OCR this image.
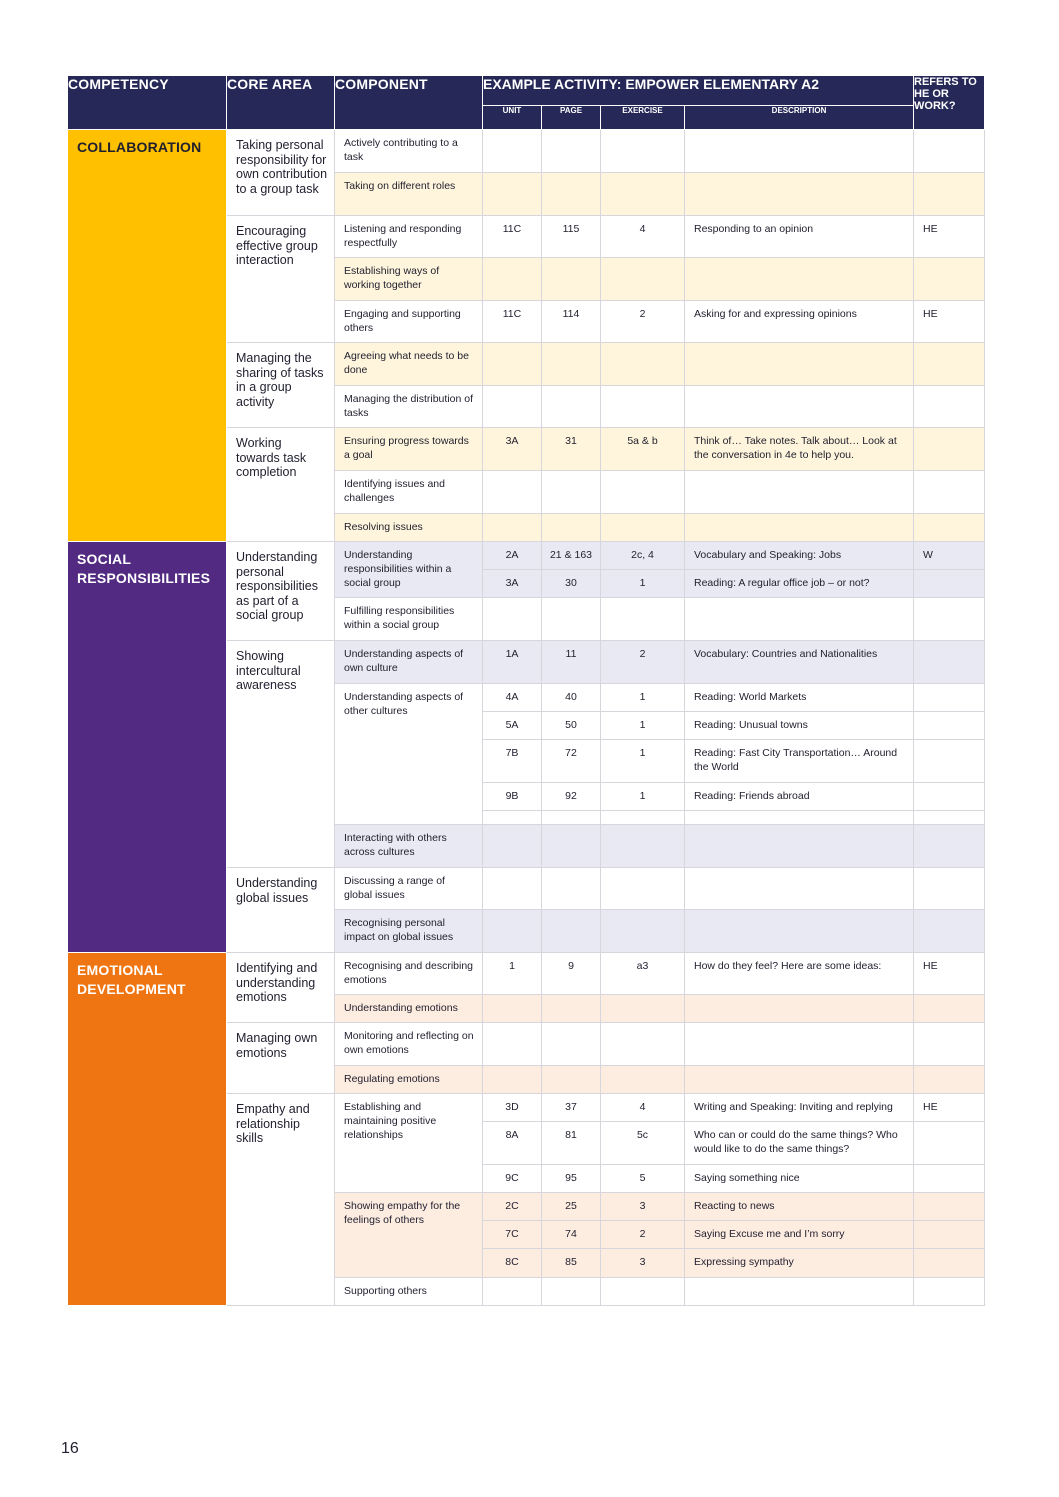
COMPETENCY	CORE AREA	COMPONENT	EXAMPLE ACTIVITY: EMPOWER ELEMENTARY A2				REFERS TO HE OR WORK?
			UNIT	PAGE	EXERCISE	DESCRIPTION	
COLLABORATION	Taking personal responsibility for own contribution to a group task	Actively contributing to a task					
		Taking on different roles					
	Encouraging effective group interaction	Listening and responding respectfully	11C	115	4	Responding to an opinion	HE
		Establishing ways of working together					
		Engaging and supporting others	11C	114	2	Asking for and expressing opinions	HE
	Managing the sharing of tasks in a group activity	Agreeing what needs to be done					
		Managing the distribution of tasks					
	Working towards task completion	Ensuring progress towards a goal	3A	31	5a & b	Think of… Take notes. Talk about… Look at the conversation in 4e to help you.	
		Identifying issues and challenges					
		Resolving issues					
SOCIAL RESPONSIBILITIES	Understanding personal responsibilities as part of a social group	Understanding responsibilities within a social group	2A	21 & 163	2c, 4	Vocabulary and Speaking: Jobs	W
			3A	30	1	Reading: A regular office job – or not?	
		Fulfilling responsibilities within a social group					
	Showing intercultural awareness	Understanding aspects of own culture	1A	11	2	Vocabulary: Countries and Nationalities	
		Understanding aspects of other cultures	4A	40	1	Reading: World Markets	
			5A	50	1	Reading: Unusual towns	
			7B	72	1	Reading: Fast City Transportation… Around the World	
			9B	92	1	Reading: Friends abroad	

		Interacting with others across cultures					
	Understanding global issues	Discussing a range of global issues					
		Recognising personal impact on global issues					
EMOTIONAL DEVELOPMENT	Identifying and understanding emotions	Recognising and describing emotions	1	9	a3	How do they feel? Here are some ideas:	HE
		Understanding emotions					
	Managing own emotions	Monitoring and reflecting on own emotions					
		Regulating emotions					
	Empathy and relationship skills	Establishing and maintaining positive relationships	3D	37	4	Writing and Speaking: Inviting and replying	HE
			8A	81	5c	Who can or could do the same things? Who would like to do the same things?	
			9C	95	5	Saying something nice	
		Showing empathy for the feelings of others	2C	25	3	Reacting to news	
			7C	74	2	Saying Excuse me and I’m sorry	
			8C	85	3	Expressing sympathy	
		Supporting others					
16
